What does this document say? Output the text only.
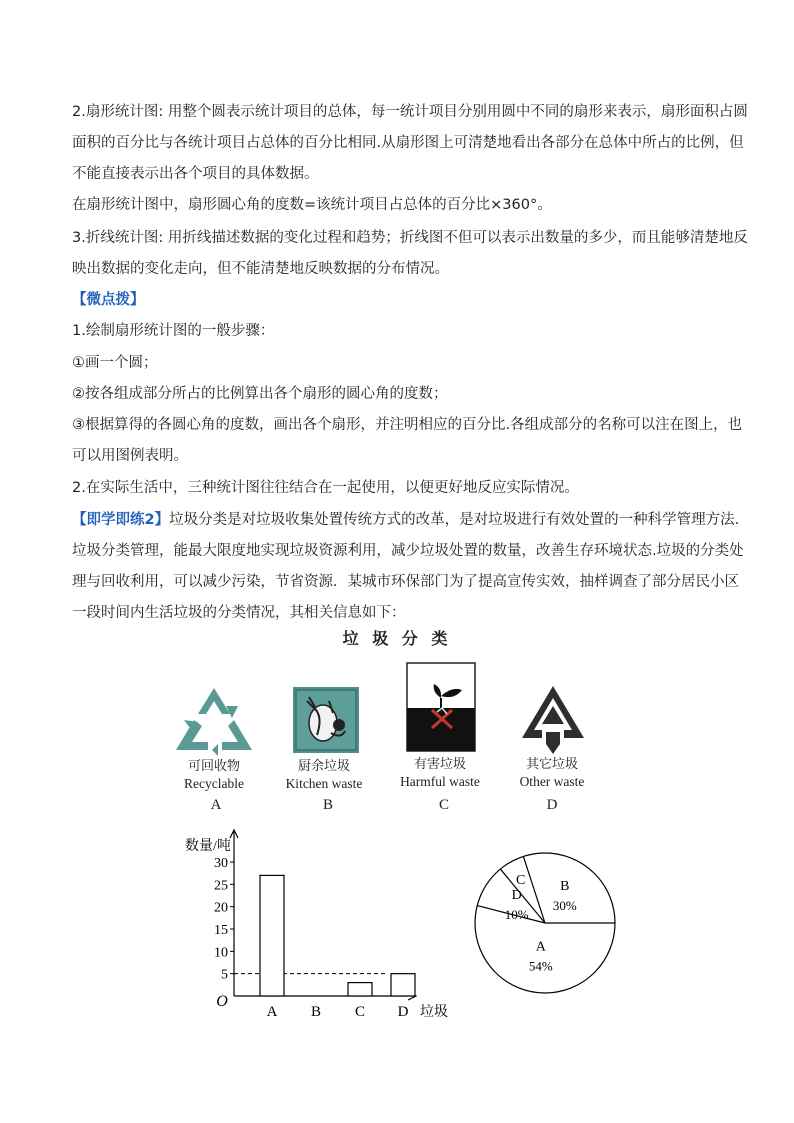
2.扇形统计图: 用整个圆表示统计项目的总体，每一统计项目分别用圆中不同的扇形来表示，扇形面积占圆
面积的百分比与各统计项目占总体的百分比相同.从扇形图上可清楚地看出各部分在总体中所占的比例，但
不能直接表示出各个项目的具体数据。
在扇形统计图中，扇形圆心角的度数=该统计项目占总体的百分比×360°。
3.折线统计图: 用折线描述数据的变化过程和趋势；折线图不但可以表示出数量的多少，而且能够清楚地反
映出数据的变化走向，但不能清楚地反映数据的分布情况。
【微点拨】
1.绘制扇形统计图的一般步骤：
①画一个圆；
②按各组成部分所占的比例算出各个扇形的圆心角的度数；
③根据算得的各圆心角的度数，画出各个扇形，并注明相应的百分比.各组成部分的名称可以注在图上，也
可以用图例表明。
2.在实际生活中，三种统计图往往结合在一起使用，以便更好地反应实际情况。
【即学即练2】垃圾分类是对垃圾收集处置传统方式的改革，是对垃圾进行有效处置的一种科学管理方法.
垃圾分类管理，能最大限度地实现垃圾资源利用，减少垃圾处置的数量，改善生存环境状态.垃圾的分类处
理与回收利用，可以减少污染，节省资源．某城市环保部门为了提高宣传实效，抽样调查了部分居民小区
一段时间内生活垃圾的分类情况，其相关信息如下：
垃 圾 分 类
可回收物
Recyclable
厨余垃圾
Kitchen waste
有害垃圾
Harmful waste
其它垃圾
Other waste
A	B	C	D
数量/吨
垃圾
O
5
10
15
20
25
30
A B C D
B
30%
C
D
10%
A
54%
